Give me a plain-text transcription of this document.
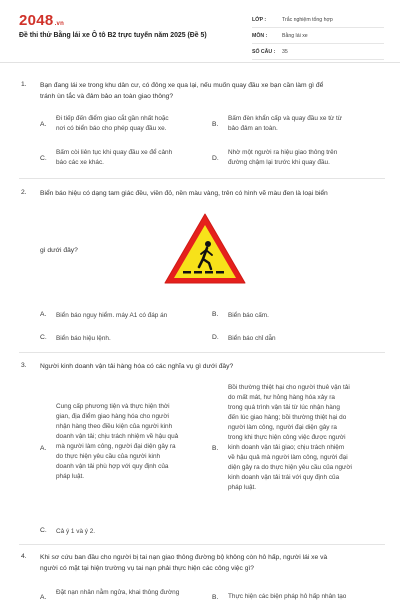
2048.vn
Đề thi thử Bằng lái xe Ô tô B2 trực tuyến năm 2025 (Đề 5)
LỚP :	Trắc nghiệm tổng hợp
MÔN :	Bằng lái xe
SỐ CÂU :	35
1. Bạn đang lái xe trong khu dân cư, có đông xe qua lại, nếu muốn quay đầu xe bạn cần làm gì để
tránh ùn tắc và đảm bảo an toàn giao thông?
A.
Đi tiếp đến điểm giao cắt gần nhất hoặc
nơi có biển báo cho phép quay đầu xe.
B.
Bấm đèn khẩn cấp và quay đầu xe từ từ
bảo đảm an toàn.
C.
Bấm còi liên tục khi quay đầu xe để cảnh
báo các xe khác.
D.
Nhờ một người ra hiệu giao thông trên
đường chậm lại trước khi quay đầu.
2. Biển báo hiệu có dạng tam giác đều, viền đỏ, nền màu vàng, trên có hình vẽ màu đen là loại biển
gì dưới đây?
A. Biển báo nguy hiểm. máy A1 có đáp án	B. Biển báo cấm.
C. Biển báo hiệu lệnh.	D. Biển báo chỉ dẫn
3. Người kinh doanh vận tải hàng hóa có các nghĩa vụ gì dưới đây?
A.
Cung cấp phương tiện và thực hiện thời
gian, địa điểm giao hàng hóa cho người
nhận hàng theo điều kiện của người kinh
doanh vận tải; chịu trách nhiệm về hậu quả
mà người làm công, người đại diện gây ra
do thực hiện yêu cầu của người kinh
doanh vận tải phù hợp với quy định của
pháp luật.
B.
Bồi thường thiệt hại cho người thuê vận tải
do mất mát, hư hỏng hàng hóa xảy ra
trong quá trình vận tải từ lúc nhận hàng
đến lúc giao hàng; bồi thường thiệt hại do
người làm công, người đại diện gây ra
trong khi thực hiện công việc được người
kinh doanh vận tải giao; chịu trách nhiệm
về hậu quả mà người làm công, người đại
diện gây ra do thực hiện yêu cầu của người
kinh doanh vận tải trái với quy định của
pháp luật.
C. Cả ý 1 và ý 2.
4. Khi sơ cứu ban đầu cho người bị tai nạn giao thông đường bộ không còn hô hấp, người lái xe và
người có mặt tại hiện trường vụ tai nạn phải thực hiện các công việc gì?
A.
Đặt nạn nhân nằm ngửa, khai thông đường
B. Thực hiện các biện pháp hô hấp nhân tạo
